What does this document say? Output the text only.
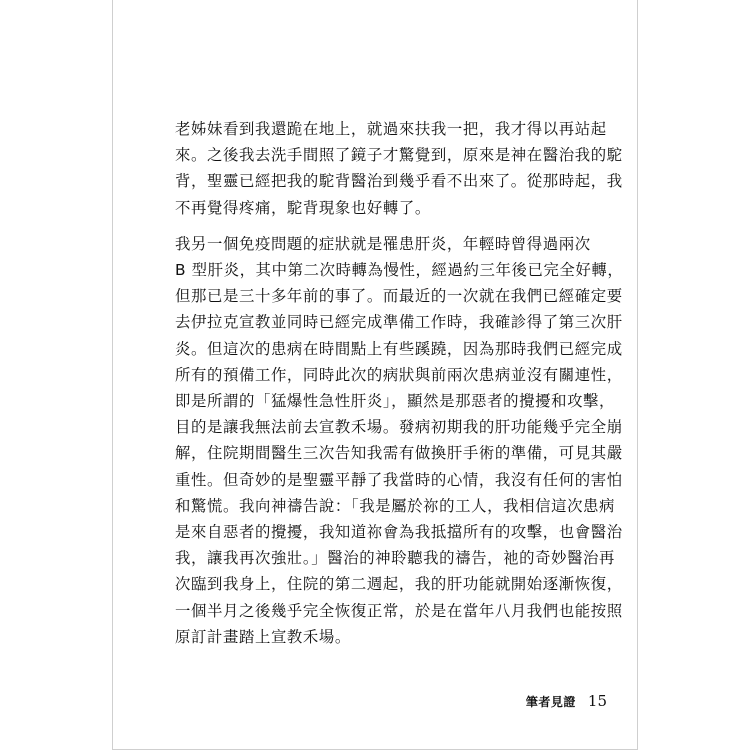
老姊妹看到我還跪在地上，就過來扶我一把，我才得以再站起
來。之後我去洗手間照了鏡子才驚覺到，原來是神在醫治我的駝
背，聖靈已經把我的駝背醫治到幾乎看不出來了。從那時起，我
不再覺得疼痛，駝背現象也好轉了。
我另一個免疫問題的症狀就是罹患肝炎，年輕時曾得過兩次
B 型肝炎，其中第二次時轉為慢性，經過約三年後已完全好轉，
但那已是三十多年前的事了。而最近的一次就在我們已經確定要
去伊拉克宣教並同時已經完成準備工作時，我確診得了第三次肝
炎。但這次的患病在時間點上有些蹊蹺，因為那時我們已經完成
所有的預備工作，同時此次的病狀與前兩次患病並沒有關連性，
即是所謂的「猛爆性急性肝炎」，顯然是那惡者的攪擾和攻擊，
目的是讓我無法前去宣教禾場。發病初期我的肝功能幾乎完全崩
解，住院期間醫生三次告知我需有做換肝手術的準備，可見其嚴
重性。但奇妙的是聖靈平靜了我當時的心情，我沒有任何的害怕
和驚慌。我向神禱告說：「我是屬於祢的工人，我相信這次患病
是來自惡者的攪擾，我知道祢會為我抵擋所有的攻擊，也會醫治
我，讓我再次強壯。」醫治的神聆聽我的禱告，祂的奇妙醫治再
次臨到我身上，住院的第二週起，我的肝功能就開始逐漸恢復，
一個半月之後幾乎完全恢復正常，於是在當年八月我們也能按照
原訂計畫踏上宣教禾場。
筆者見證 15
